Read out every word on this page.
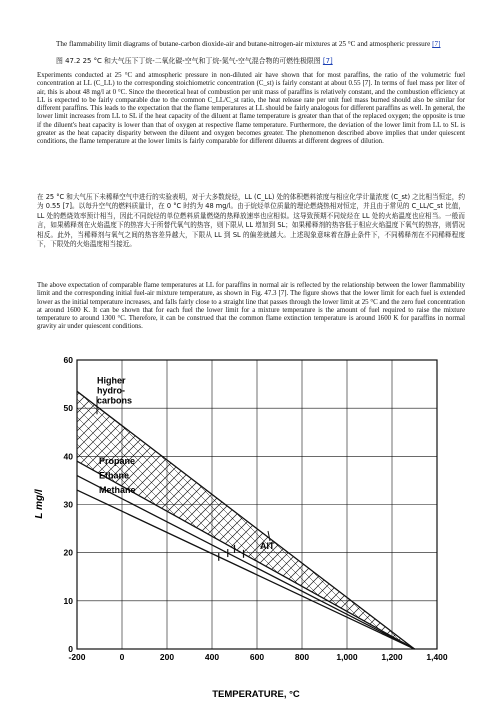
The flammability limit diagrams of butane-carbon dioxide-air and butane-nitrogen-air mixtures at 25 °C and atmospheric pressure [7]
图 47.2 25 °C 和大气压下丁烷-二氧化碳-空气和丁烷-氮气-空气混合物的可燃性极限图 [7]
Experiments conducted at 25 °C and atmospheric pressure in non-diluted air have shown that for most paraffins, the ratio of the volumetric fuel concentration at LL (C_LL) to the corresponding stoichiometric concentration (C_st) is fairly constant at about 0.55 [7]. In terms of fuel mass per liter of air, this is about 48 mg/l at 0 °C. Since the theoretical heat of combustion per unit mass of paraffins is relatively constant, and the combustion efficiency at LL is expected to be fairly comparable due to the common C_LL/C_st ratio, the heat release rate per unit fuel mass burned should also be similar for different paraffins. This leads to the expectation that the flame temperatures at LL should be fairly analogous for different paraffins as well. In general, the lower limit increases from LL to SL if the heat capacity of the diluent at flame temperature is greater than that of the replaced oxygen; the opposite is true if the diluent's heat capacity is lower than that of oxygen at respective flame temperature. Furthermore, the deviation of the lower limit from LL to SL is greater as the heat capacity disparity between the diluent and oxygen becomes greater. The phenomenon described above implies that under quiescent conditions, the flame temperature at the lower limits is fairly comparable for different diluents at different degrees of dilution.
在 25 °C 和大气压下未稀释空气中进行的实验表明，对于大多数烷烃，LL (C_LL) 处的体积燃料浓度与相应化学计量浓度 (C_st) 之比相当恒定，约为 0.55 [7]。以每升空气的燃料质量计，在 0 °C 时约为 48 mg/l。由于烷烃单位质量的理论燃烧热相对恒定，并且由于常见的 C_LL/C_st 比值，LL 处的燃烧效率预计相当，因此不同烷烃的单位燃料质量燃烧的热释放速率也应相似。这导致预期不同烷烃在 LL 处的火焰温度也应相当。一般而言，如果稀释剂在火焰温度下的热容大于所替代氧气的热容，则下限从 LL 增加到 SL；如果稀释剂的热容低于相应火焰温度下氧气的热容，则情况相反。此外，当稀释剂与氧气之间的热容差异越大，下限从 LL 到 SL 的偏差就越大。上述现象意味着在静止条件下，不同稀释剂在不同稀释程度下，下限处的火焰温度相当接近。
The above expectation of comparable flame temperatures at LL for paraffins in normal air is reflected by the relationship between the lower flammability limit and the corresponding initial fuel-air mixture temperature, as shown in Fig. 47.3 [7]. The figure shows that the lower limit for each fuel is extended lower as the initial temperature increases, and falls fairly close to a straight line that passes through the lower limit at 25 °C and the zero fuel concentration at around 1600 K. It can be shown that for each fuel the lower limit for a mixture temperature is the amount of fuel required to raise the mixture temperature to around 1300 °C. Therefore, it can be construed that the common flame extinction temperature is around 1600 K for paraffins in normal gravity air under quiescent conditions.
-200	0	200	400	600	800	1,000	1,200	1,400
0
10
20
30
40
50
60
Higher hydro-carbons
Propane
Ethane
Methane
AIT
TEMPERATURE, °C
L mg/l
